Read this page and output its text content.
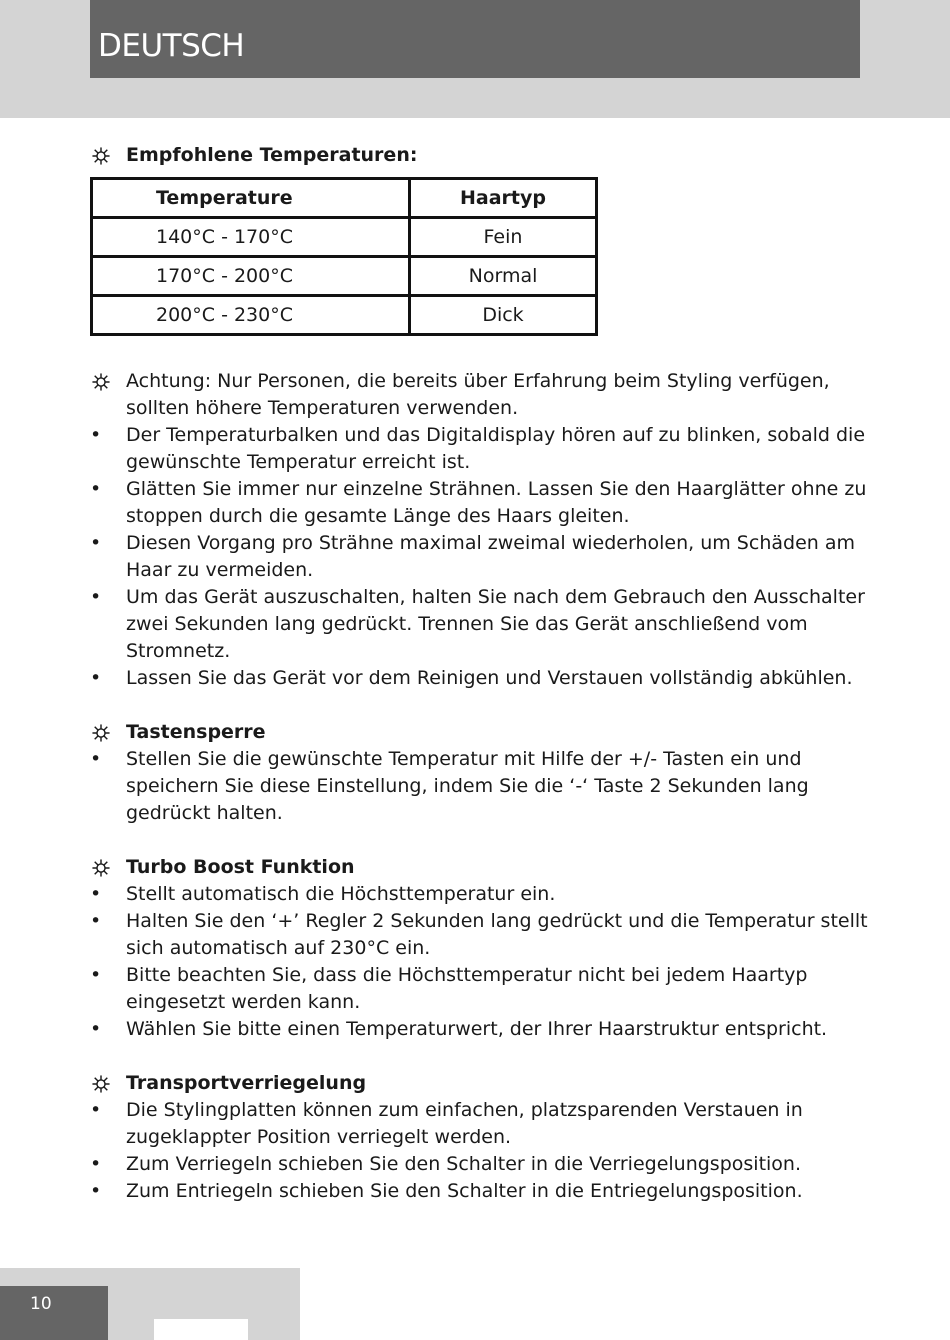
DEUTSCH

Empfohlene Temperaturen:

Temperature	Haartyp
140°C - 170°C	Fein
170°C - 200°C	Normal
200°C - 230°C	Dick

Achtung: Nur Personen, die bereits über Erfahrung beim Styling verfügen, sollten höhere Temperaturen verwenden.

• Der Temperaturbalken und das Digitaldisplay hören auf zu blinken, sobald die gewünschte Temperatur erreicht ist.

• Glätten Sie immer nur einzelne Strähnen. Lassen Sie den Haarglätter ohne zu stoppen durch die gesamte Länge des Haars gleiten.

• Diesen Vorgang pro Strähne maximal zweimal wiederholen, um Schäden am Haar zu vermeiden.

• Um das Gerät auszuschalten, halten Sie nach dem Gebrauch den Ausschalter zwei Sekunden lang gedrückt. Trennen Sie das Gerät anschließend vom Stromnetz.

• Lassen Sie das Gerät vor dem Reinigen und Verstauen vollständig abkühlen.

Tastensperre

• Stellen Sie die gewünschte Temperatur mit Hilfe der +/- Tasten ein und speichern Sie diese Einstellung, indem Sie die ‘-‘ Taste 2 Sekunden lang gedrückt halten.

Turbo Boost Funktion

• Stellt automatisch die Höchsttemperatur ein.

• Halten Sie den ‘+’ Regler 2 Sekunden lang gedrückt und die Temperatur stellt sich automatisch auf 230°C ein.

• Bitte beachten Sie, dass die Höchsttemperatur nicht bei jedem Haartyp eingesetzt werden kann.

• Wählen Sie bitte einen Temperaturwert, der Ihrer Haarstruktur entspricht.

Transportverriegelung

• Die Stylingplatten können zum einfachen, platzsparenden Verstauen in zugeklappter Position verriegelt werden.

• Zum Verriegeln schieben Sie den Schalter in die Verriegelungsposition.

• Zum Entriegeln schieben Sie den Schalter in die Entriegelungsposition.

10
